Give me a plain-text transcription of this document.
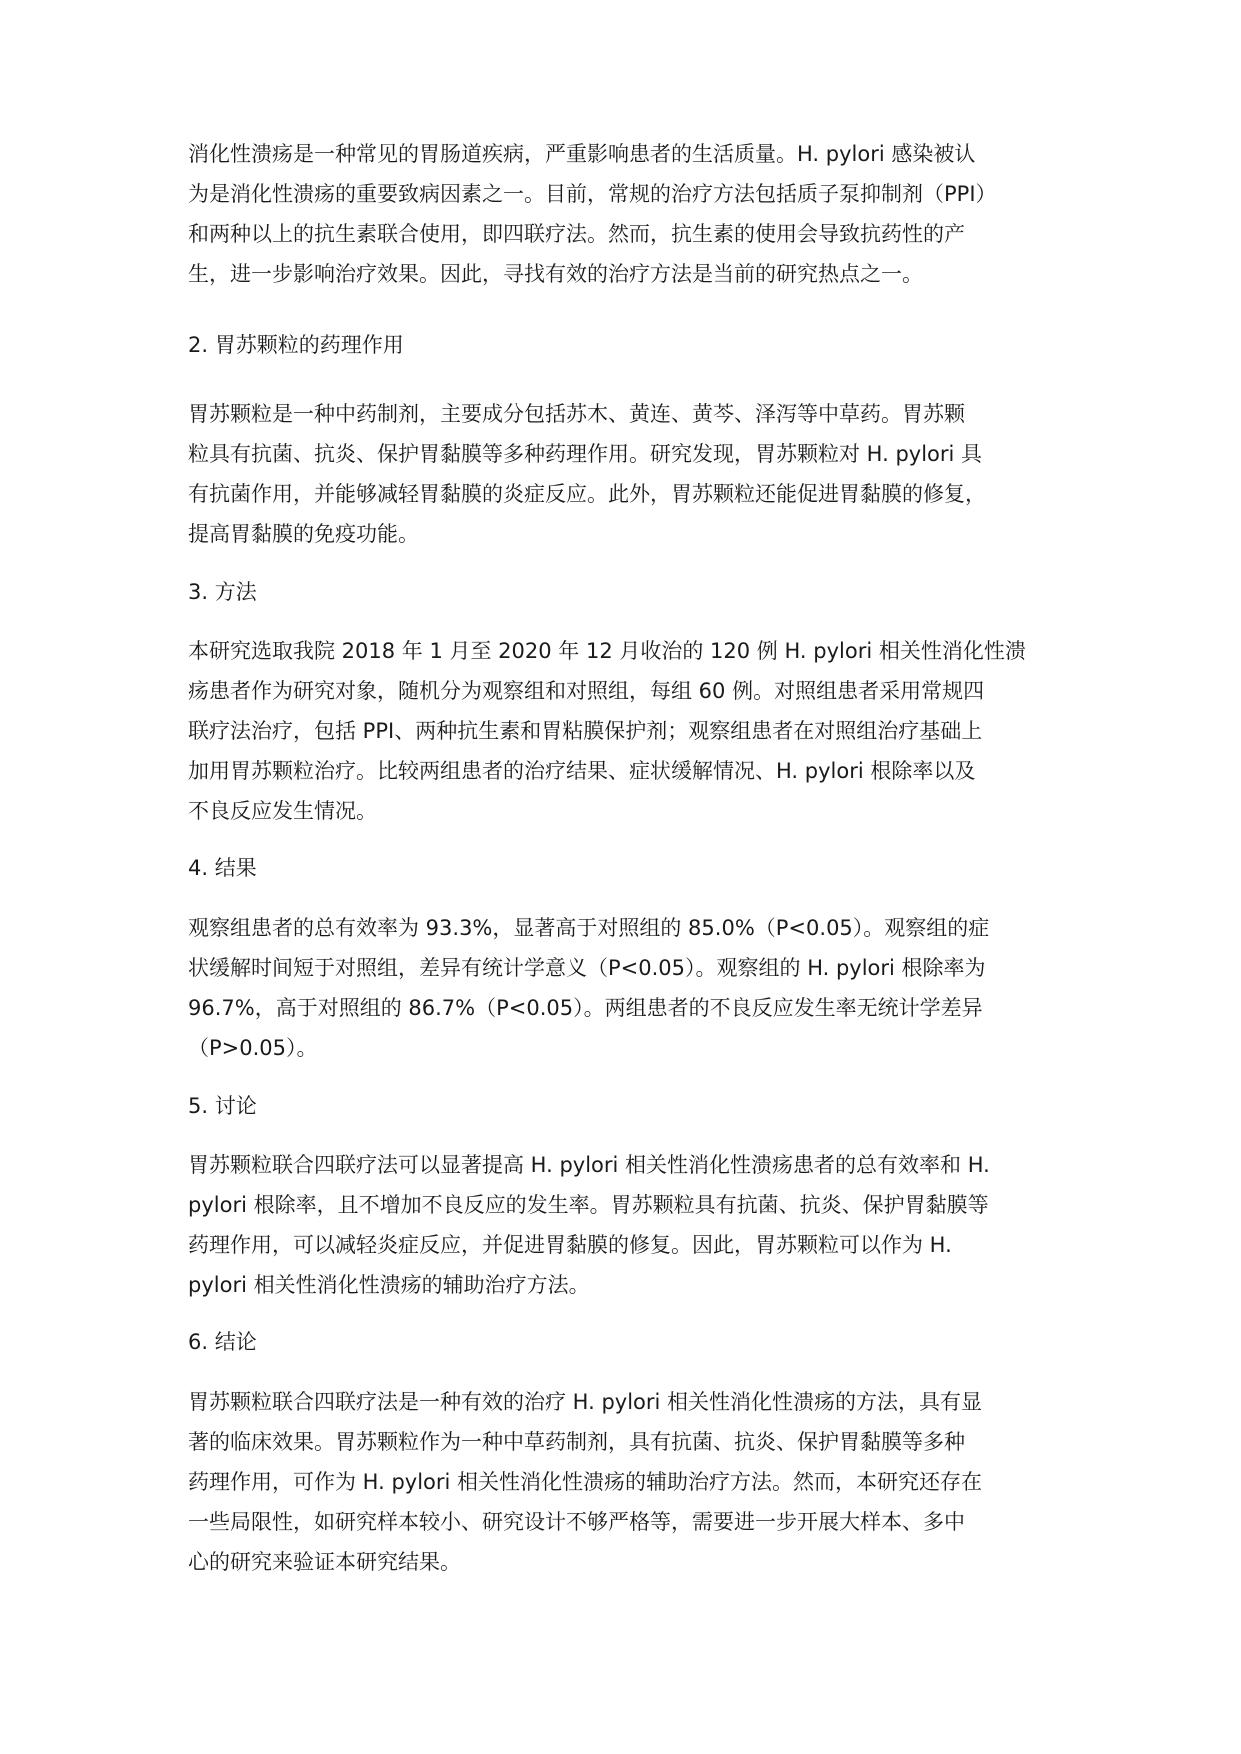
消化性溃疡是一种常见的胃肠道疾病，严重影响患者的生活质量。H. pylori 感染被认
为是消化性溃疡的重要致病因素之一。目前，常规的治疗方法包括质子泵抑制剂（PPI）
和两种以上的抗生素联合使用，即四联疗法。然而，抗生素的使用会导致抗药性的产
生，进一步影响治疗效果。因此，寻找有效的治疗方法是当前的研究热点之一。
2. 胃苏颗粒的药理作用
胃苏颗粒是一种中药制剂，主要成分包括苏木、黄连、黄芩、泽泻等中草药。胃苏颗
粒具有抗菌、抗炎、保护胃黏膜等多种药理作用。研究发现，胃苏颗粒对 H. pylori 具
有抗菌作用，并能够减轻胃黏膜的炎症反应。此外，胃苏颗粒还能促进胃黏膜的修复，
提高胃黏膜的免疫功能。
3. 方法
本研究选取我院 2018 年 1 月至 2020 年 12 月收治的 120 例 H. pylori 相关性消化性溃
疡患者作为研究对象，随机分为观察组和对照组，每组 60 例。对照组患者采用常规四
联疗法治疗，包括 PPI、两种抗生素和胃粘膜保护剂；观察组患者在对照组治疗基础上
加用胃苏颗粒治疗。比较两组患者的治疗结果、症状缓解情况、H. pylori 根除率以及
不良反应发生情况。
4. 结果
观察组患者的总有效率为 93.3%，显著高于对照组的 85.0%（P<0.05）。观察组的症
状缓解时间短于对照组，差异有统计学意义（P<0.05）。观察组的 H. pylori 根除率为
96.7%，高于对照组的 86.7%（P<0.05）。两组患者的不良反应发生率无统计学差异
（P>0.05）。
5. 讨论
胃苏颗粒联合四联疗法可以显著提高 H. pylori 相关性消化性溃疡患者的总有效率和 H.
pylori 根除率，且不增加不良反应的发生率。胃苏颗粒具有抗菌、抗炎、保护胃黏膜等
药理作用，可以减轻炎症反应，并促进胃黏膜的修复。因此，胃苏颗粒可以作为 H.
pylori 相关性消化性溃疡的辅助治疗方法。
6. 结论
胃苏颗粒联合四联疗法是一种有效的治疗 H. pylori 相关性消化性溃疡的方法，具有显
著的临床效果。胃苏颗粒作为一种中草药制剂，具有抗菌、抗炎、保护胃黏膜等多种
药理作用，可作为 H. pylori 相关性消化性溃疡的辅助治疗方法。然而，本研究还存在
一些局限性，如研究样本较小、研究设计不够严格等，需要进一步开展大样本、多中
心的研究来验证本研究结果。
